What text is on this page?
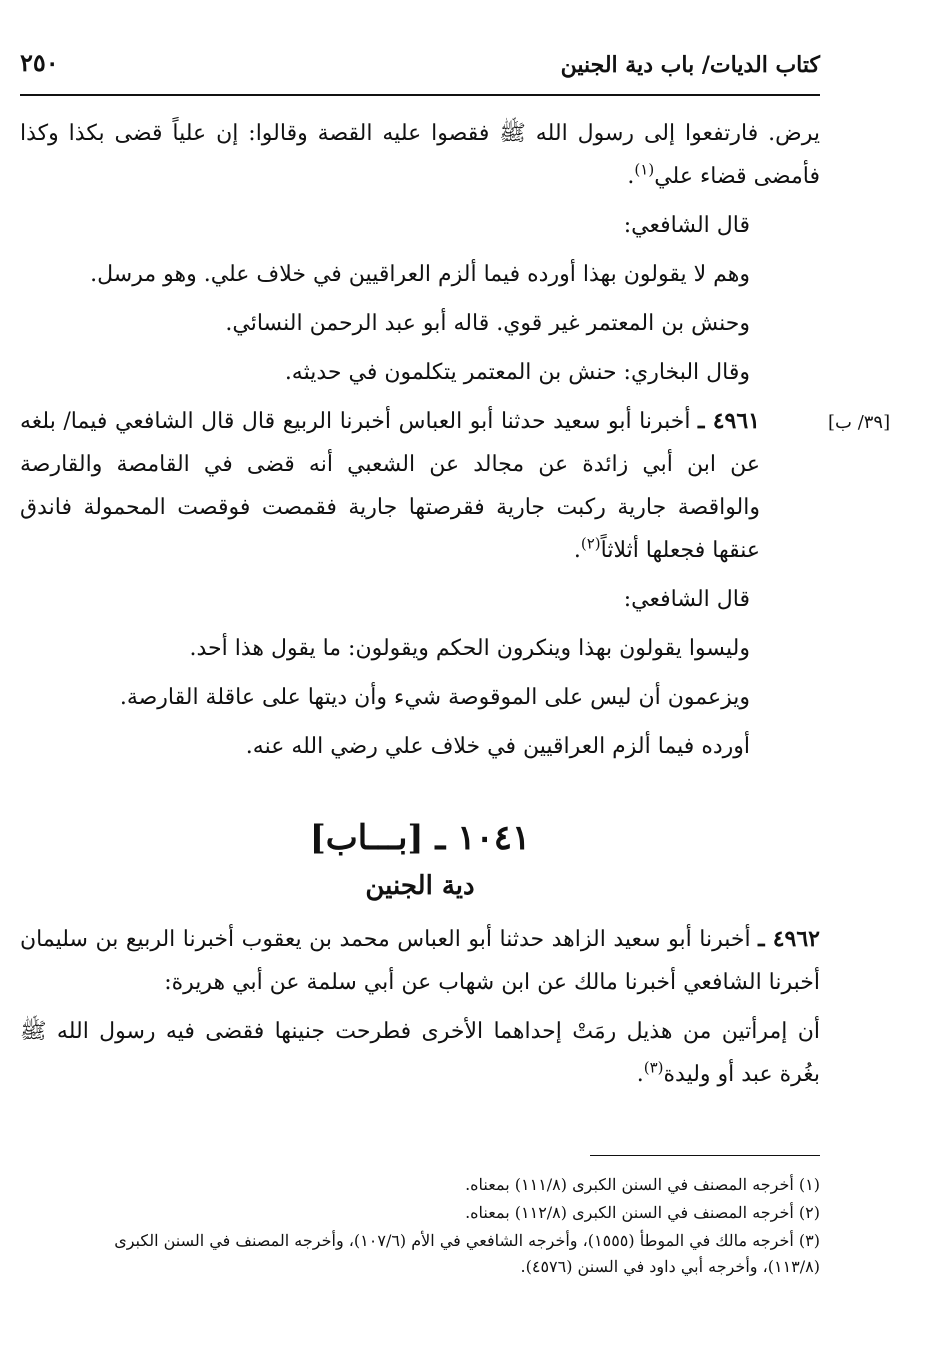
كتاب الديات/ باب دية الجنين
٢٥٠
[٣٩/ ب]

يرض. فارتفعوا إلى رسول الله ﷺ فقصوا عليه القصة وقالوا: إن علياً قضى بكذا وكذا فأمضى قضاء علي$^{(١)}$.

قال الشافعي:

وهم لا يقولون بهذا أورده فيما ألزم العراقيين في خلاف علي. وهو مرسل.

وحنش بن المعتمر غير قوي. قاله أبو عبد الرحمن النسائي.

وقال البخاري: حنش بن المعتمر يتكلمون في حديثه.

٤٩٦١ ـ أخبرنا أبو سعيد حدثنا أبو العباس أخبرنا الربيع قال قال الشافعي فيما/ بلغه عن ابن أبي زائدة عن مجالد عن الشعبي أنه قضى في القامصة والقارصة والواقصة جارية ركبت جارية فقرصتها جارية فقمصت فوقصت المحمولة فاندق عنقها فجعلها أثلاثاً$^{(٢)}$.

قال الشافعي:

وليسوا يقولون بهذا وينكرون الحكم ويقولون: ما يقول هذا أحد.

ويزعمون أن ليس على الموقوصة شيء وأن ديتها على عاقلة القارصة.

أورده فيما ألزم العراقيين في خلاف علي رضي الله عنه.

١٠٤١ ـ [بـــاب]
دية الجنين

٤٩٦٢ ـ أخبرنا أبو سعيد الزاهد حدثنا أبو العباس محمد بن يعقوب أخبرنا الربيع بن سليمان أخبرنا الشافعي أخبرنا مالك عن ابن شهاب عن أبي سلمة عن أبي هريرة:

أن إمرأتين من هذيل رمَتْ إحداهما الأخرى فطرحت جنينها فقضى فيه رسول الله ﷺ بغُرة عبد أو وليدة$^{(٣)}$.

(١) أخرجه المصنف في السنن الكبرى (١١١/٨) بمعناه.

(٢) أخرجه المصنف في السنن الكبرى (١١٢/٨) بمعناه.

(٣) أخرجه مالك في الموطأ (١٥٥٥)، وأخرجه الشافعي في الأم (١٠٧/٦)، وأخرجه المصنف في السنن الكبرى (١١٣/٨)، وأخرجه أبي داود في السنن (٤٥٧٦).
